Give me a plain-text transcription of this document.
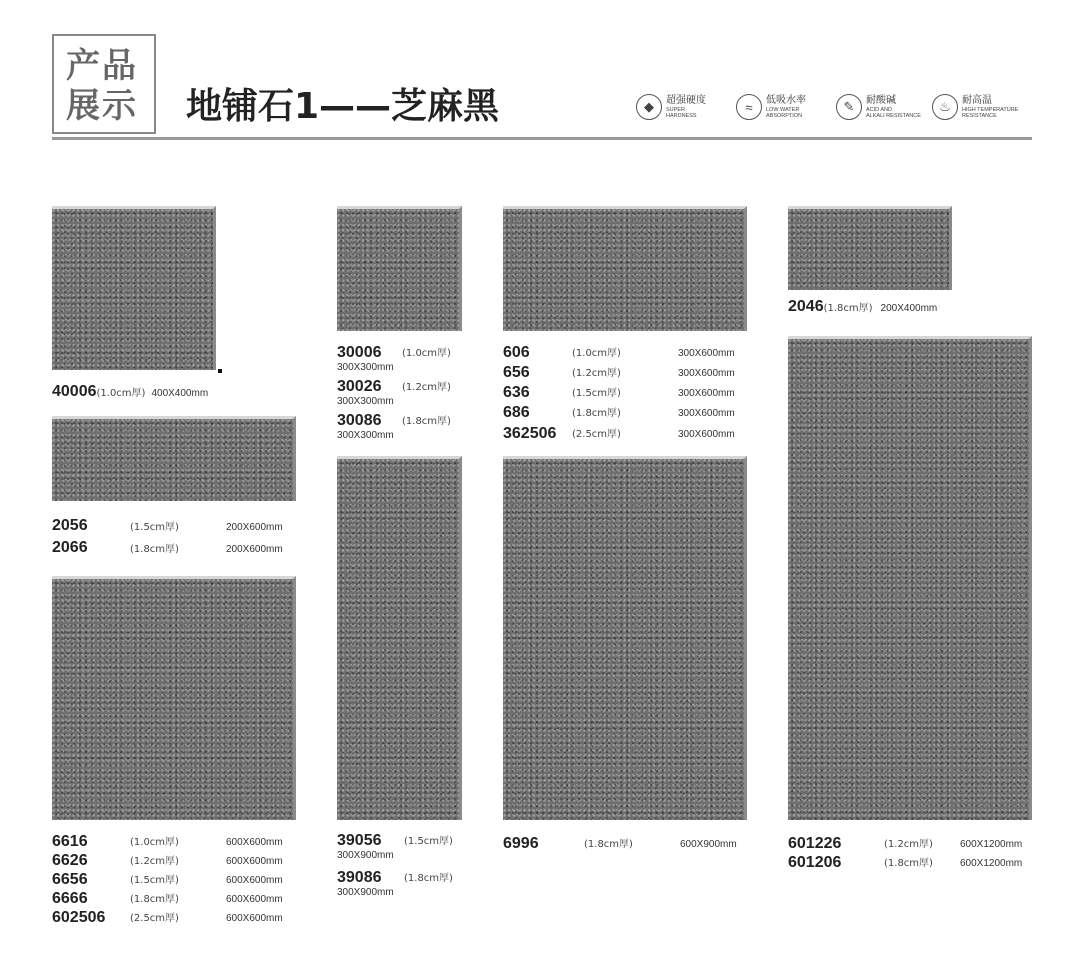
产品
展示 地铺石1——芝麻黑	◆	超强硬度
SUPER
HARDNESS
≈	低吸水率
LOW WATER
ABSORPTION
✎	耐酸碱
ACID AND
ALKALI RESISTANCE
♨	耐高温
HIGH TEMPERATURE
RESISTANCE
40006 (1.0cm厚) 400X400mm
2056	(1.5cm厚)	200X600mm
2066	(1.8cm厚)	200X600mm
6616	(1.0cm厚)	600X600mm
6626	(1.2cm厚)	600X600mm
6656	(1.5cm厚)	600X600mm
6666	(1.8cm厚)	600X600mm
602506 (2.5cm厚)	600X600mm
30006 (1.0cm厚)
300X300mm
30026 (1.2cm厚)
300X300mm
30086 (1.8cm厚)
300X300mm
39056 (1.5cm厚)
300X900mm
39086 (1.8cm厚)
300X900mm
606	(1.0cm厚)	300X600mm
656	(1.2cm厚)	300X600mm
636	(1.5cm厚)	300X600mm
686	(1.8cm厚)	300X600mm
362506 (2.5cm厚)	300X600mm
6996	(1.8cm厚)	600X900mm
2046 (1.8cm厚) 200X400mm
601226	(1.2cm厚)	600X1200mm
601206	(1.8cm厚)	600X1200mm
